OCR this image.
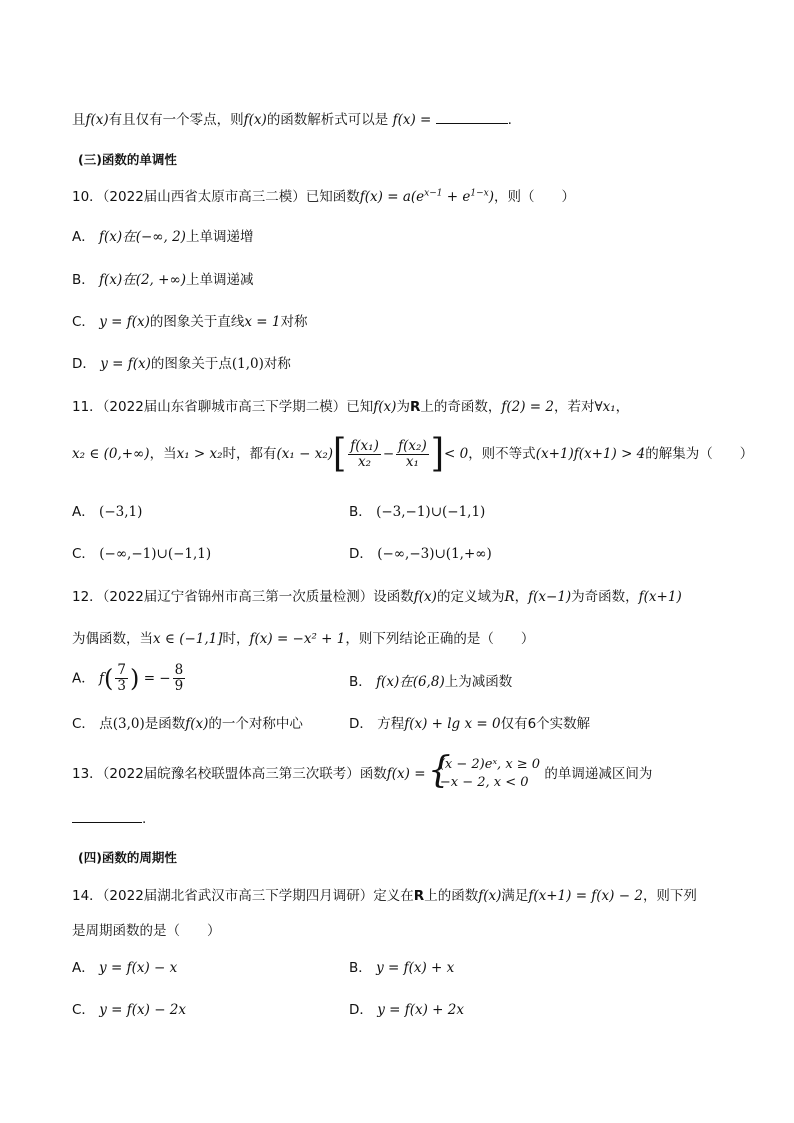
且f(x)有且仅有一个零点，则f(x)的函数解析式可以是 f(x) =	.
(三)函数的单调性
10．（2022届山西省太原市高三二模）已知函数$f(x) = a(e^{x-1} + e^{1-x})$，则（　　）
A． f(x)在(−∞, 2)上单调递增
B． f(x)在(2, +∞)上单调递减
C． y = f(x)的图象关于直线x = 1对称
D． y = f(x)的图象关于点(1,0)对称
11．（2022届山东省聊城市高三下学期二模）已知f(x)为R上的奇函数，f(2) = 2，若对∀x₁，
x₂ ∈ (0,+∞)，当x₁ > x₂时，都有$(x_1 - x_2)[ \frac{\text{f(x₁)}}{\text{x₂}} - \frac{\text{f(x₂)}}{\text{x₁}}$ ]< 0，则不等式(x+1)f(x+1) > 4的解集为（　　）
A． (−3,1)	B． (−3,−1)∪(−1,1)
C． (−∞,−1)∪(−1,1)	D． (−∞,−3)∪(1,+∞)
12．（2022届辽宁省锦州市高三第一次质量检测）设函数f(x)的定义域为R，f(x−1)为奇函数，f(x+1)
为偶函数，当x ∈ (−1,1]时，f(x) = −x² + 1，则下列结论正确的是（　　）
A． $f( \frac{7}{3}$ ) = − $\frac{8}{9}$	B． f(x)在(6,8)上为减函数
C． 点(3,0)是函数f(x)的一个对称中心	D． 方程f(x) + lg x = 0仅有6个实数解
13．（2022届皖豫名校联盟体高三第三次联考）函数f(x) = {
(x − 2)eˣ, x ≥ 0
−x − 2, x < 0
的单调递减区间为
.
(四)函数的周期性
14．（2022届湖北省武汉市高三下学期四月调研）定义在R上的函数f(x)满足f(x+1) = f(x) − 2，则下列
是周期函数的是（　　）
A． y = f(x) − x	B． y = f(x) + x
C． y = f(x) − 2x	D． y = f(x) + 2x
